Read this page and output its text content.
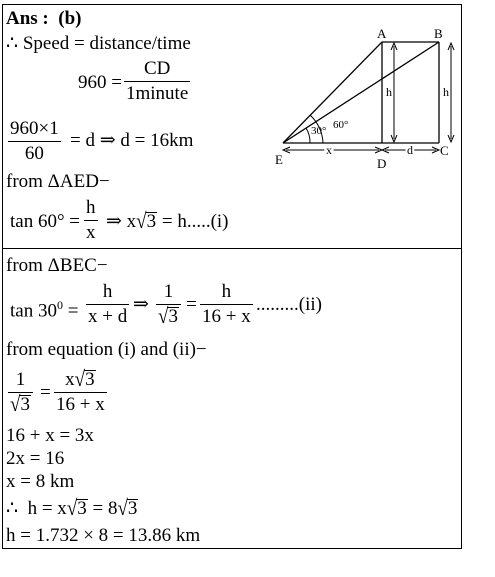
Ans : (b)
∴ Speed = distance/time
960 =
CD
1minute
960×1
60
= d ⇒ d = 16km
from ΔAED−
tan 60° =
h
x
⇒ x√3 = h.....(i)
A	B
C
D
E
h	h
x	d
30° 60°
from ΔBEC−
$\tan 30^0$ =
h
x + d
⇒
1
√3
=
h
16 + x
.........(ii)
from equation (i) and (ii)−
1
√3
=
x√3
16 + x
16 + x = 3x
2x = 16
x = 8 km
∴ h = x√3 = 8√3
h = 1.732 × 8 = 13.86 km
